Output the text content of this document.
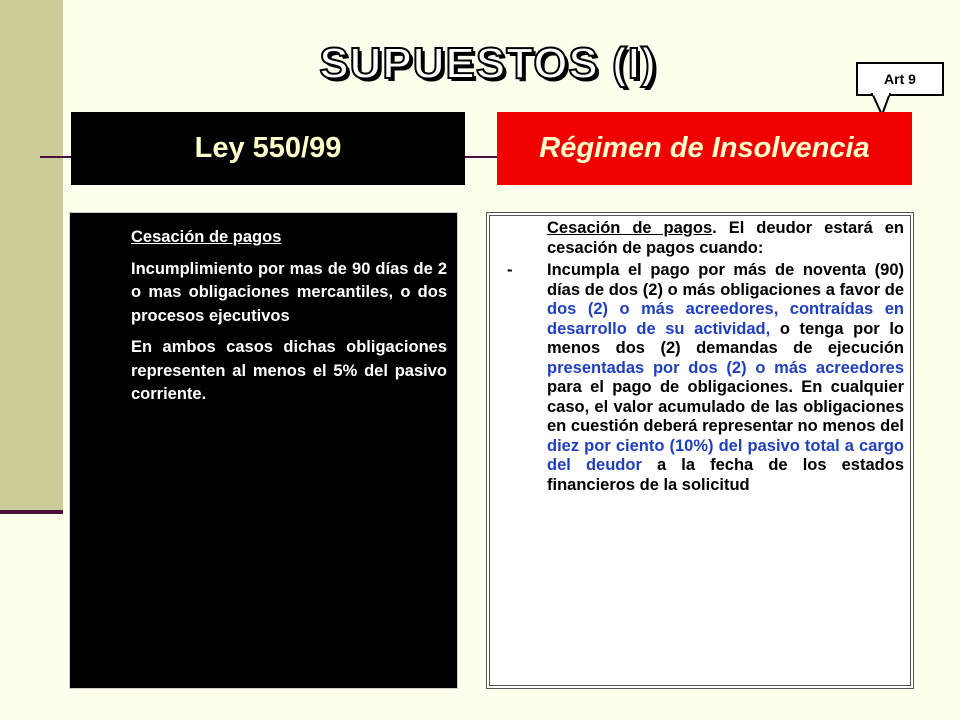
SUPUESTOS (I)	Art 9
Ley 550/99	Régimen de Insolvencia

Cesación de pagos

Incumplimiento por mas de 90 días de 2 o mas obligaciones mercantiles, o dos procesos ejecutivos

En ambos casos dichas obligaciones representen al menos el 5% del pasivo corriente.

Cesación de pagos. El deudor estará en cesación de pagos cuando:

- Incumpla el pago por más de noventa (90) días de dos (2) o más obligaciones a favor de dos (2) o más acreedores, contraídas en desarrollo de su actividad, o tenga por lo menos dos (2) demandas de ejecución presentadas por dos (2) o más acreedores para el pago de obligaciones. En cualquier caso, el valor acumulado de las obligaciones en cuestión deberá representar no menos del diez por ciento (10%) del pasivo total a cargo del deudor a la fecha de los estados financieros de la solicitud
